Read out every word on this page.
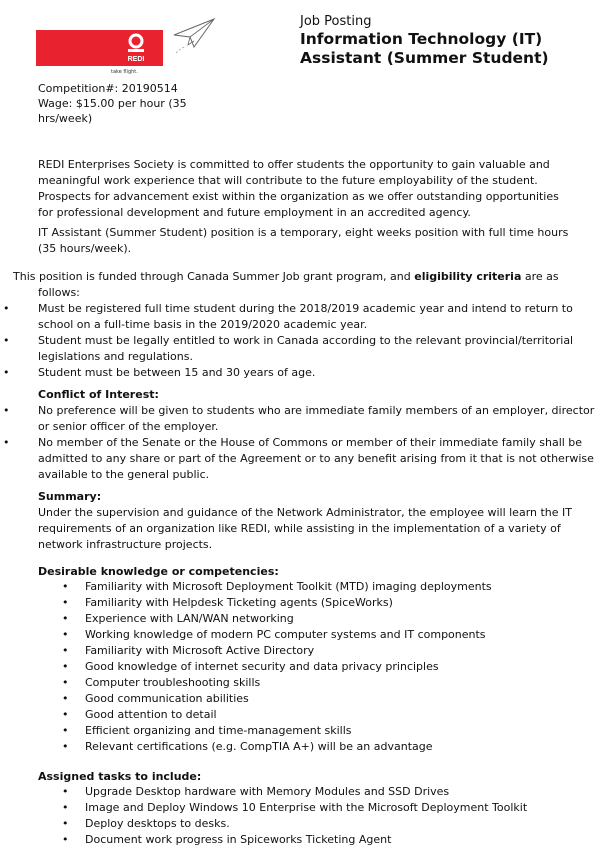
REDI
take flight.
Job Posting
Information Technology (IT) Assistant (Summer Student)
Competition#: 20190514
Wage: $15.00 per hour (35 hrs/week)
REDI Enterprises Society is committed to offer students the opportunity to gain valuable and meaningful work experience that will contribute to the future employability of the student. Prospects for advancement exist within the organization as we offer outstanding opportunities for professional development and future employment in an accredited agency.
IT Assistant (Summer Student) position is a temporary, eight weeks position with full time hours (35 hours/week).
This position is funded through Canada Summer Job grant program, and eligibility criteria are as follows:
• Must be registered full time student during the 2018/2019 academic year and intend to return to school on a full-time basis in the 2019/2020 academic year.
• Student must be legally entitled to work in Canada according to the relevant provincial/territorial legislations and regulations.
• Student must be between 15 and 30 years of age.
Conflict of Interest:
• No preference will be given to students who are immediate family members of an employer, director or senior officer of the employer.
• No member of the Senate or the House of Commons or member of their immediate family shall be admitted to any share or part of the Agreement or to any benefit arising from it that is not otherwise available to the general public.
Summary:
Under the supervision and guidance of the Network Administrator, the employee will learn the IT requirements of an organization like REDI, while assisting in the implementation of a variety of network infrastructure projects.
Desirable knowledge or competencies:
• Familiarity with Microsoft Deployment Toolkit (MTD) imaging deployments
• Familiarity with Helpdesk Ticketing agents (SpiceWorks)
• Experience with LAN/WAN networking
• Working knowledge of modern PC computer systems and IT components
• Familiarity with Microsoft Active Directory
• Good knowledge of internet security and data privacy principles
• Computer troubleshooting skills
• Good communication abilities
• Good attention to detail
• Efficient organizing and time-management skills
• Relevant certifications (e.g. CompTIA A+) will be an advantage
Assigned tasks to include:
• Upgrade Desktop hardware with Memory Modules and SSD Drives
• Image and Deploy Windows 10 Enterprise with the Microsoft Deployment Toolkit
• Deploy desktops to desks.
• Document work progress in Spiceworks Ticketing Agent
